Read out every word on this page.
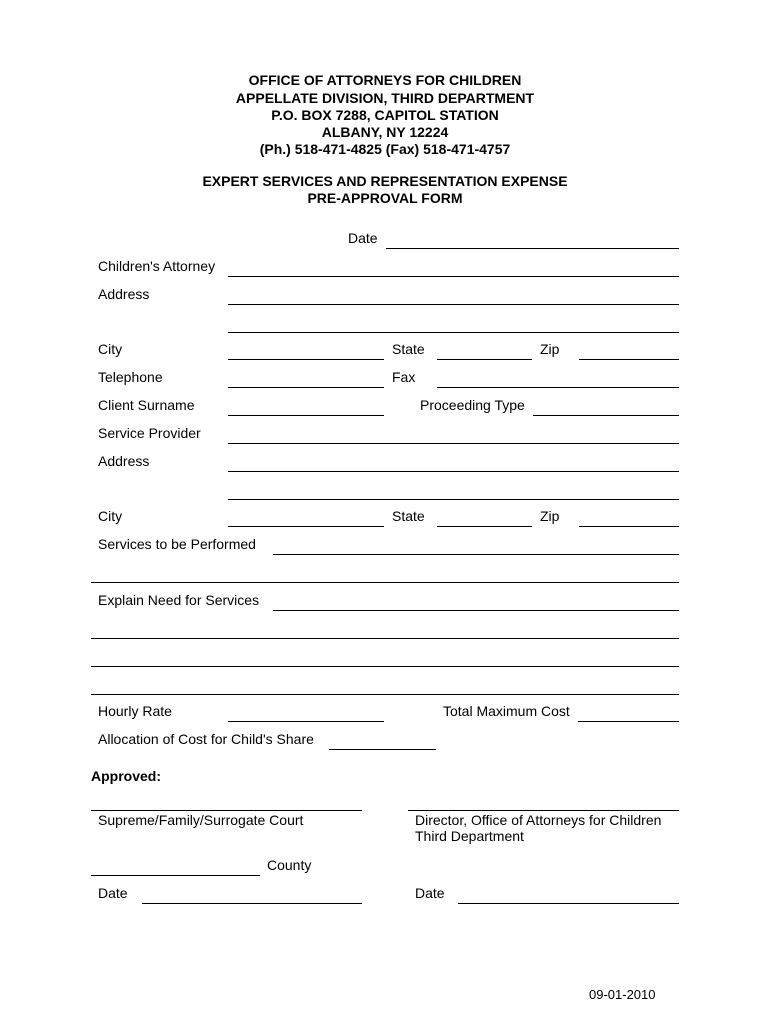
OFFICE OF ATTORNEYS FOR CHILDREN
APPELLATE DIVISION, THIRD DEPARTMENT
P.O. BOX 7288, CAPITOL STATION
ALBANY, NY 12224
(Ph.) 518-471-4825 (Fax) 518-471-4757
EXPERT SERVICES AND REPRESENTATION EXPENSE
PRE-APPROVAL FORM
Date
Children's Attorney
Address
City	State	Zip
Telephone	Fax
Client Surname	Proceeding Type
Service Provider
Address
City	State	Zip
Services to be Performed
Explain Need for Services
Hourly Rate	Total Maximum Cost
Allocation of Cost for Child's Share
Approved:
Supreme/Family/Surrogate Court	Director, Office of Attorneys for Children
Third Department
County
Date	Date
09-01-2010
